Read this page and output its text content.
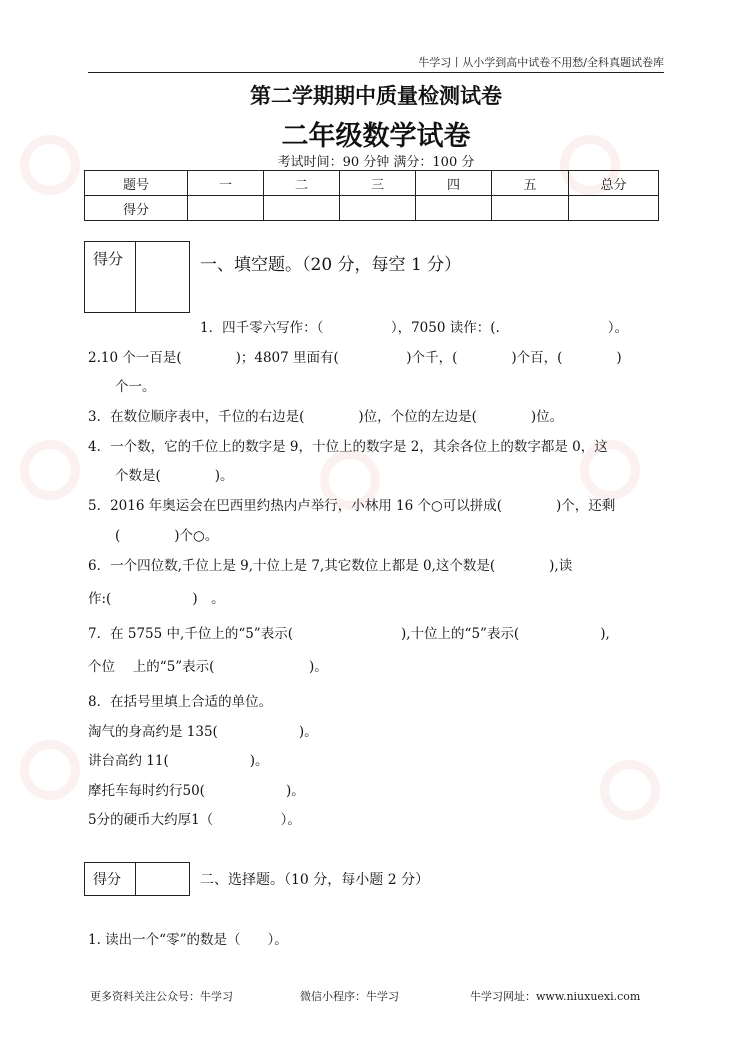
牛学习丨从小学到高中试卷不用愁/全科真题试卷库
第二学期期中质量检测试卷
二年级数学试卷
考试时间：90 分钟 满分：100 分
题号	一	二	三	四	五	总分
得分						
得分	一、填空题。（20 分，每空 1 分）
1．四千零六写作：（　　　　　），7050 读作：(.　　　　　　　　）。
2.10 个一百是(　　　　)；4807 里面有(　　　　　)个千，(　　　　)个百，(　　　　)
个一。
3．在数位顺序表中，千位的右边是(　　　　)位，个位的左边是(　　　　)位。
4．一个数，它的千位上的数字是 9，十位上的数字是 2，其余各位上的数字都是 0，这
个数是(　　　　)。
5．2016 年奥运会在巴西里约热内卢举行，小林用 16 个○可以拼成(　　　　)个，还剩
(　　　　)个○。
6．一个四位数,千位上是 9,十位上是 7,其它数位上都是 0,这个数是(　　　　),读
作:(　　　　　　)　。
7．在 5755 中,千位上的“5”表示(　　　　　　　　),十位上的“5”表示(　　　　　　),
个位　 上的“5”表示(　　　　　　　)。
8．在括号里填上合适的单位。
淘气的身高约是 135(　　　　　　)。
讲台高约 11(　　　　　　)。
摩托车每时约行50(　　　　　　)。
5分的硬币大约厚1（　　　　　）。
得分	二、选择题。（10 分，每小题 2 分）
1. 读出一个“零”的数是（　　）。
更多资料关注公众号：牛学习	微信小程序：牛学习	牛学习网址：www.niuxuexi.com
